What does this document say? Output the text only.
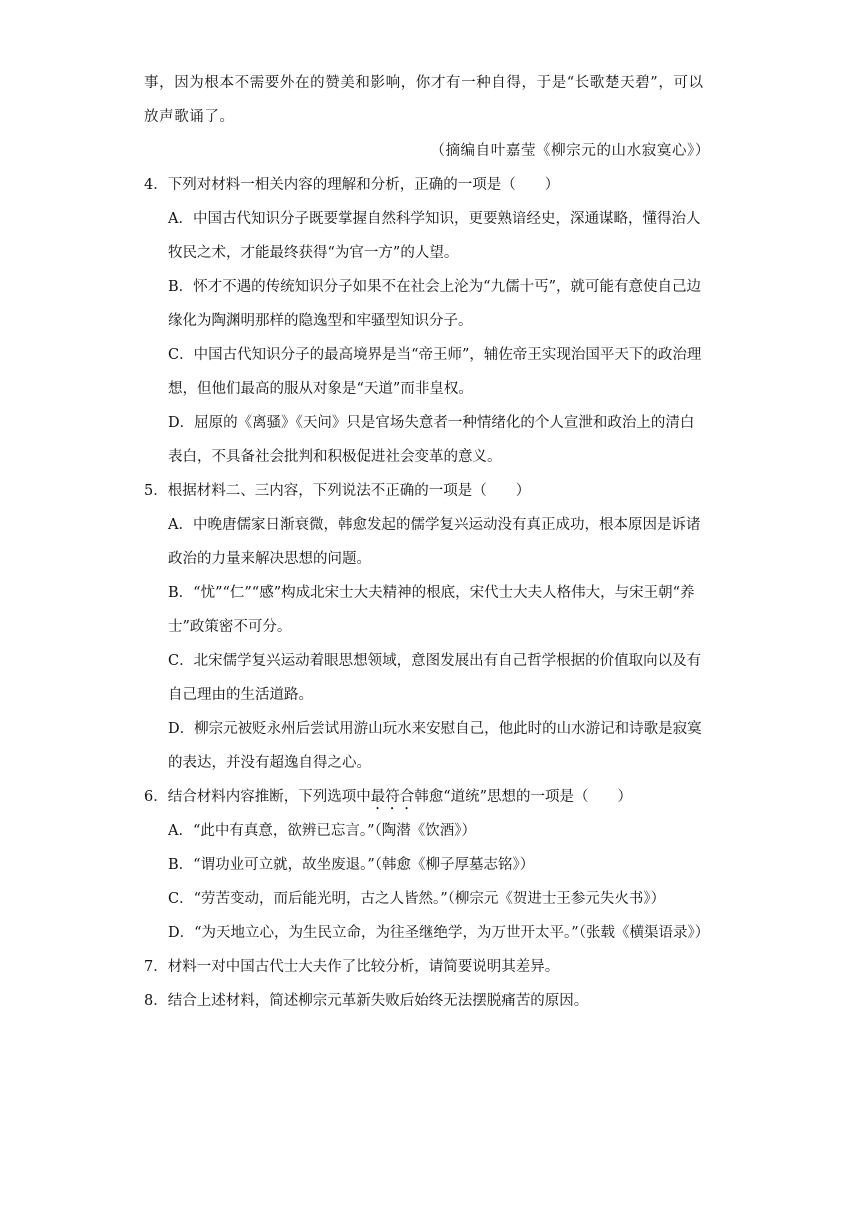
事，因为根本不需要外在的赞美和影响，你才有一种自得，于是“长歌楚天碧”，可以
放声歌诵了。
（摘编自叶嘉莹《柳宗元的山水寂寞心》）
4．下列对材料一相关内容的理解和分析，正确的一项是（　　）
A．中国古代知识分子既要掌握自然科学知识，更要熟谙经史，深通谋略，懂得治人
牧民之术，才能最终获得“为官一方”的人望。
B．怀才不遇的传统知识分子如果不在社会上沦为“九儒十丐”，就可能有意使自己边
缘化为陶渊明那样的隐逸型和牢骚型知识分子。
C．中国古代知识分子的最高境界是当“帝王师”，辅佐帝王实现治国平天下的政治理
想，但他们最高的服从对象是“天道”而非皇权。
D．屈原的《离骚》《天问》只是官场失意者一种情绪化的个人宣泄和政治上的清白
表白，不具备社会批判和积极促进社会变革的意义。
5．根据材料二、三内容，下列说法不正确的一项是（　　）
A．中晚唐儒家日渐衰微，韩愈发起的儒学复兴运动没有真正成功，根本原因是诉诸
政治的力量来解决思想的问题。
B．“忧”“仁”“感”构成北宋士大夫精神的根底，宋代士大夫人格伟大，与宋王朝“养
士”政策密不可分。
C．北宋儒学复兴运动着眼思想领域，意图发展出有自己哲学根据的价值取向以及有
自己理由的生活道路。
D．柳宗元被贬永州后尝试用游山玩水来安慰自己，他此时的山水游记和诗歌是寂寞
的表达，并没有超逸自得之心。
6．结合材料内容推断，下列选项中最符合韩愈“道统”思想的一项是（　　）
A．“此中有真意，欲辨已忘言。”（陶潜《饮酒》）
B．“谓功业可立就，故坐废退。”（韩愈《柳子厚墓志铭》）
C．“劳苦变动，而后能光明，古之人皆然。”（柳宗元《贺进士王参元失火书》）
D．“为天地立心，为生民立命，为往圣继绝学，为万世开太平。”（张载《横渠语录》）
7．材料一对中国古代士大夫作了比较分析，请简要说明其差异。
8．结合上述材料，简述柳宗元革新失败后始终无法摆脱痛苦的原因。
